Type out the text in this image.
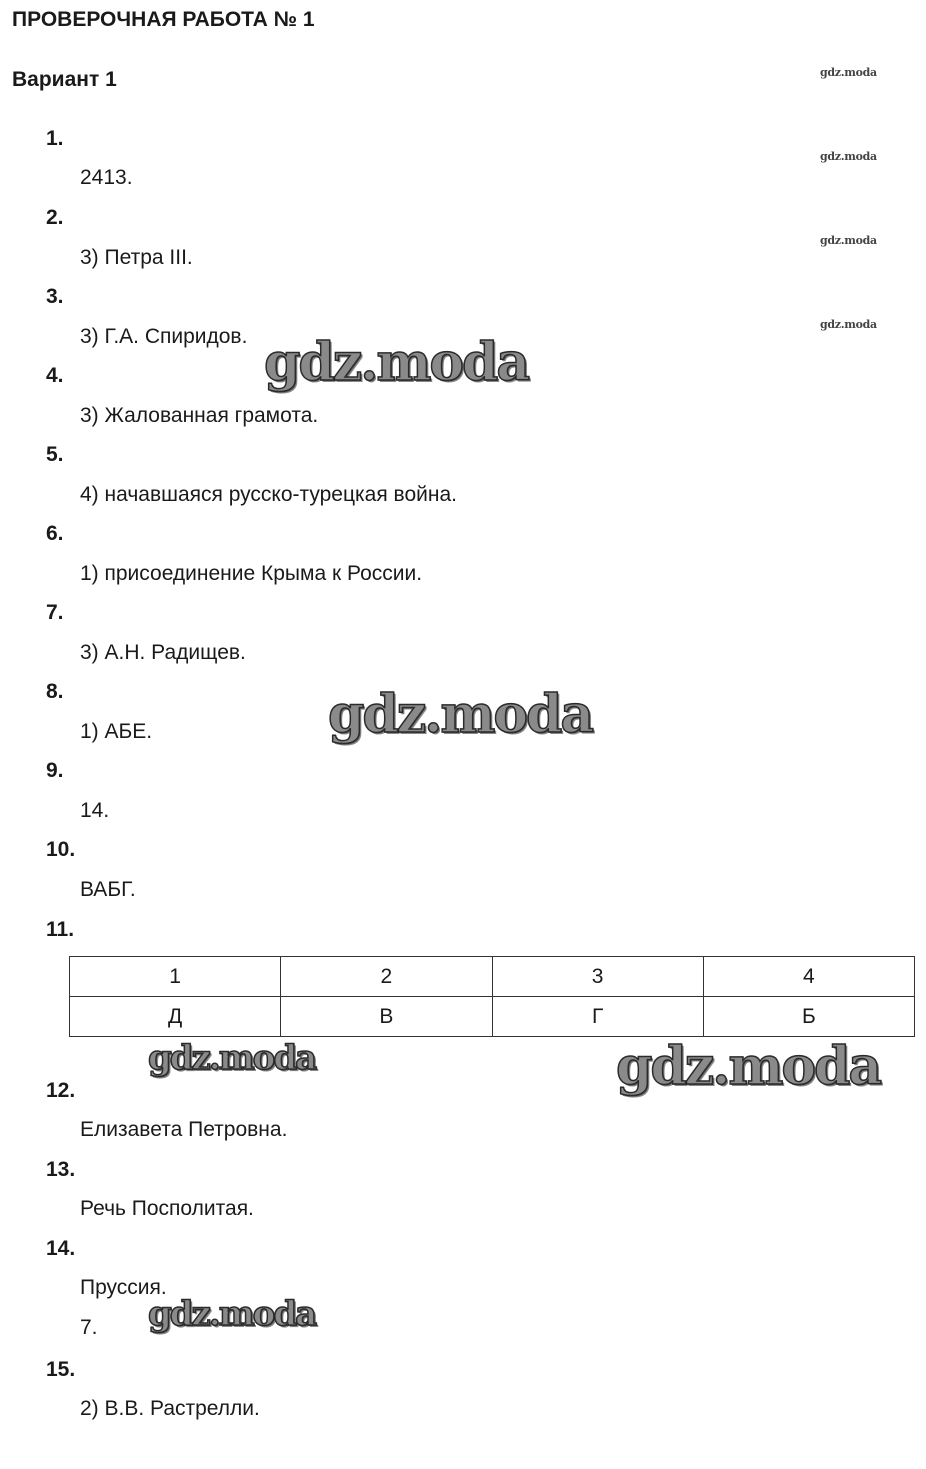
ПРОВЕРОЧНАЯ РАБОТА № 1
Вариант 1	gdz.moda
gdz.moda
gdz.moda
gdz.moda
1.
2413.
2.
3) Петра III.
3.
3) Г.А. Спиридов.
4.
3) Жалованная грамота.
5.
4) начавшаяся русско-турецкая война.
6.
1) присоединение Крыма к России.
7.
3) А.Н. Радищев.
8.
1) АБЕ.
9.
14.
10.
ВАБГ.
11.
1	2	3	4
Д	В	Г	Б
12.
Елизавета Петровна.
13.
Речь Посполитая.
14.
Пруссия.
7.
15.
2) В.В. Растрелли.
gdz.moda
gdz.moda
gdz.moda	gdz.moda
gdz.moda
